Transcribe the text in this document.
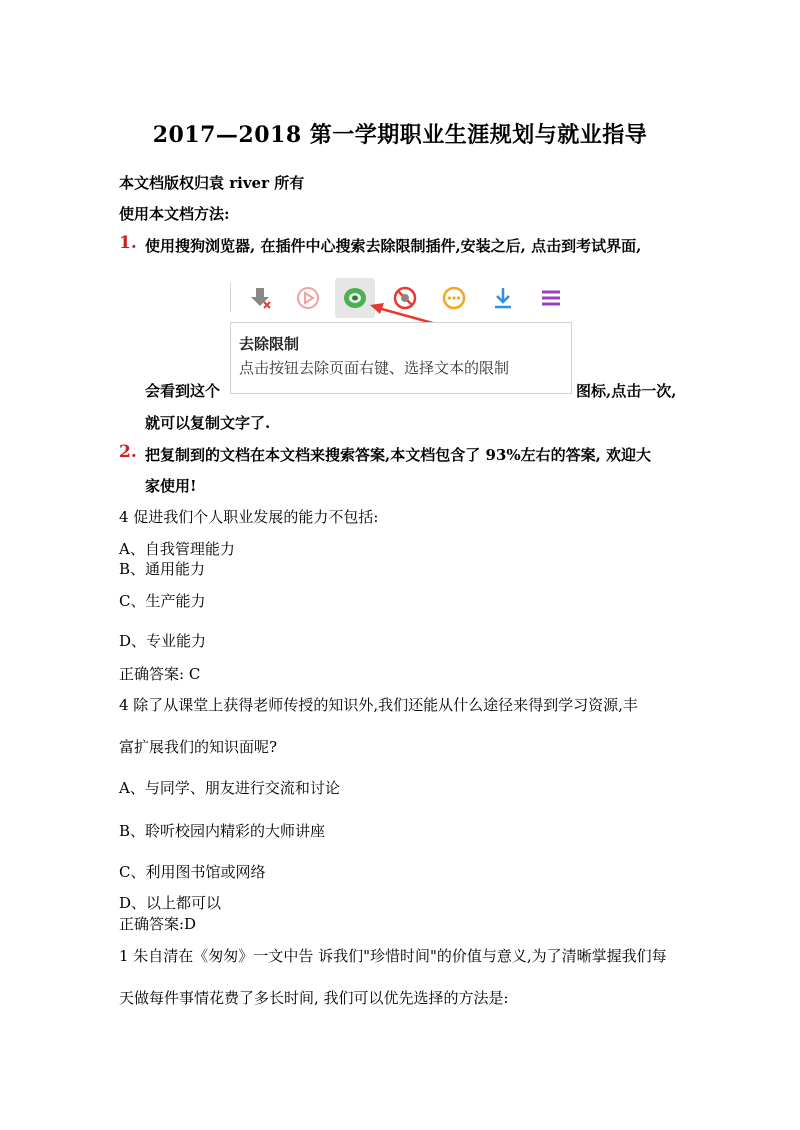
2017—2018 第一学期职业生涯规划与就业指导
本文档版权归袁 river 所有
使用本文档方法:
1. 使用搜狗浏览器, 在插件中心搜索去除限制插件,安装之后, 点击到考试界面,
去除限制
点击按钮去除页面右键、选择文本的限制
会看到这个	图标,点击一次,
就可以复制文字了.
2. 把复制到的文档在本文档来搜索答案,本文档包含了 93%左右的答案, 欢迎大
家使用!
4 促进我们个人职业发展的能力不包括:
A、自我管理能力
B、通用能力
C、生产能力
D、专业能力
正确答案: C
4 除了从课堂上获得老师传授的知识外,我们还能从什么途径来得到学习资源,丰
富扩展我们的知识面呢?
A、与同学、朋友进行交流和讨论
B、聆听校园内精彩的大师讲座
C、利用图书馆或网络
D、以上都可以
正确答案:D
1 朱自清在《匆匆》一文中告 诉我们"珍惜时间"的价值与意义,为了清晰掌握我们每
天做每件事情花费了多长时间, 我们可以优先选择的方法是:
